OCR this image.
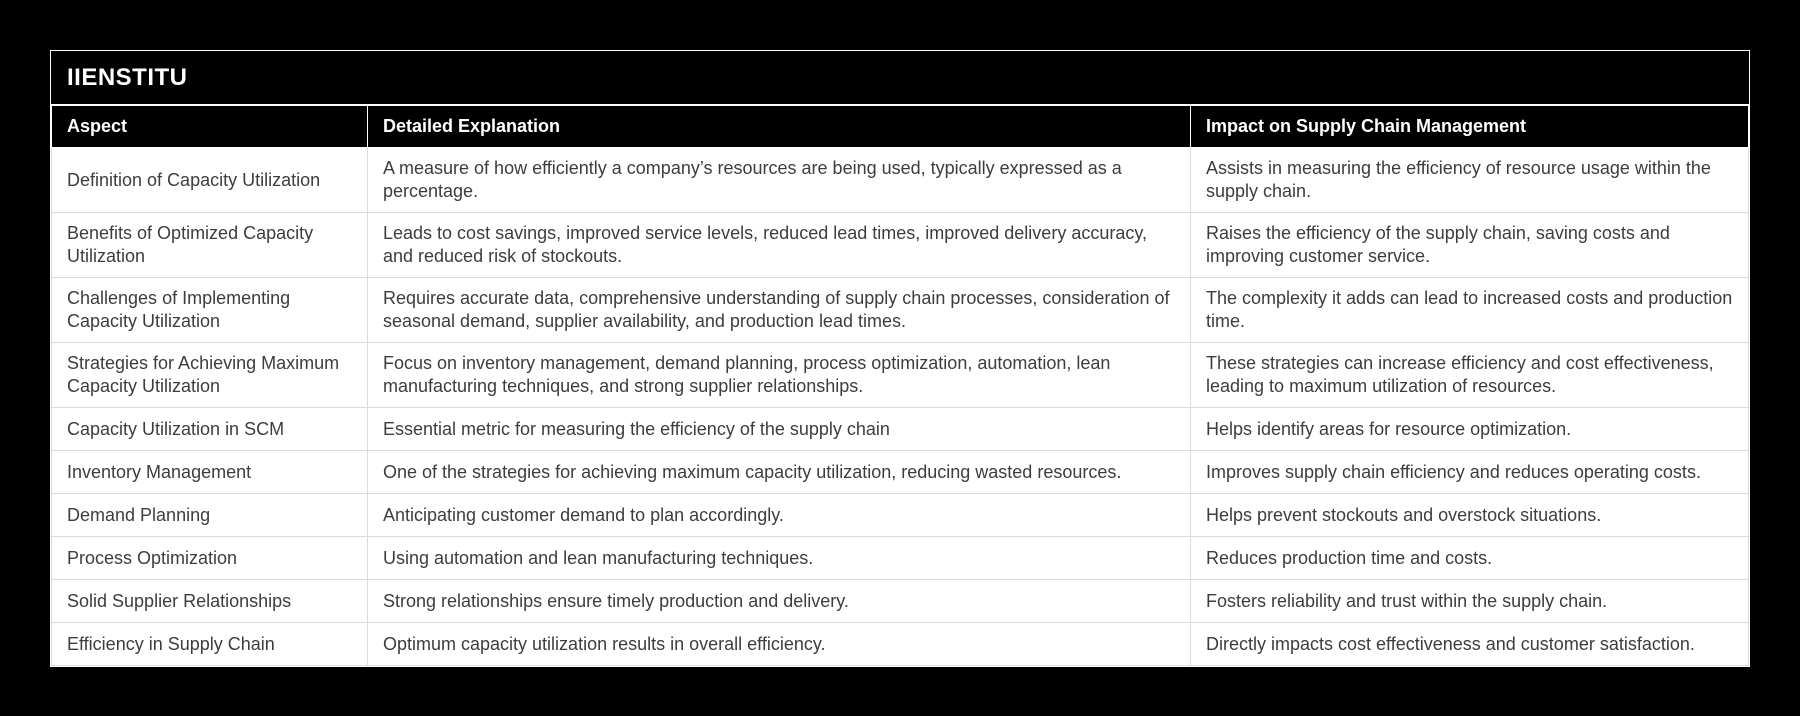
IIENSTITU
Aspect	Detailed Explanation	Impact on Supply Chain Management
Definition of Capacity Utilization	A measure of how efficiently a company’s resources are being used, typically expressed as a percentage.	Assists in measuring the efficiency of resource usage within the supply chain.
Benefits of Optimized Capacity Utilization	Leads to cost savings, improved service levels, reduced lead times, improved delivery accuracy, and reduced risk of stockouts.	Raises the efficiency of the supply chain, saving costs and improving customer service.
Challenges of Implementing Capacity Utilization	Requires accurate data, comprehensive understanding of supply chain processes, consideration of seasonal demand, supplier availability, and production lead times.	The complexity it adds can lead to increased costs and production time.
Strategies for Achieving Maximum Capacity Utilization	Focus on inventory management, demand planning, process optimization, automation, lean manufacturing techniques, and strong supplier relationships.	These strategies can increase efficiency and cost effectiveness, leading to maximum utilization of resources.
Capacity Utilization in SCM	Essential metric for measuring the efficiency of the supply chain	Helps identify areas for resource optimization.
Inventory Management	One of the strategies for achieving maximum capacity utilization, reducing wasted resources.	Improves supply chain efficiency and reduces operating costs.
Demand Planning	Anticipating customer demand to plan accordingly.	Helps prevent stockouts and overstock situations.
Process Optimization	Using automation and lean manufacturing techniques.	Reduces production time and costs.
Solid Supplier Relationships	Strong relationships ensure timely production and delivery.	Fosters reliability and trust within the supply chain.
Efficiency in Supply Chain	Optimum capacity utilization results in overall efficiency.	Directly impacts cost effectiveness and customer satisfaction.
